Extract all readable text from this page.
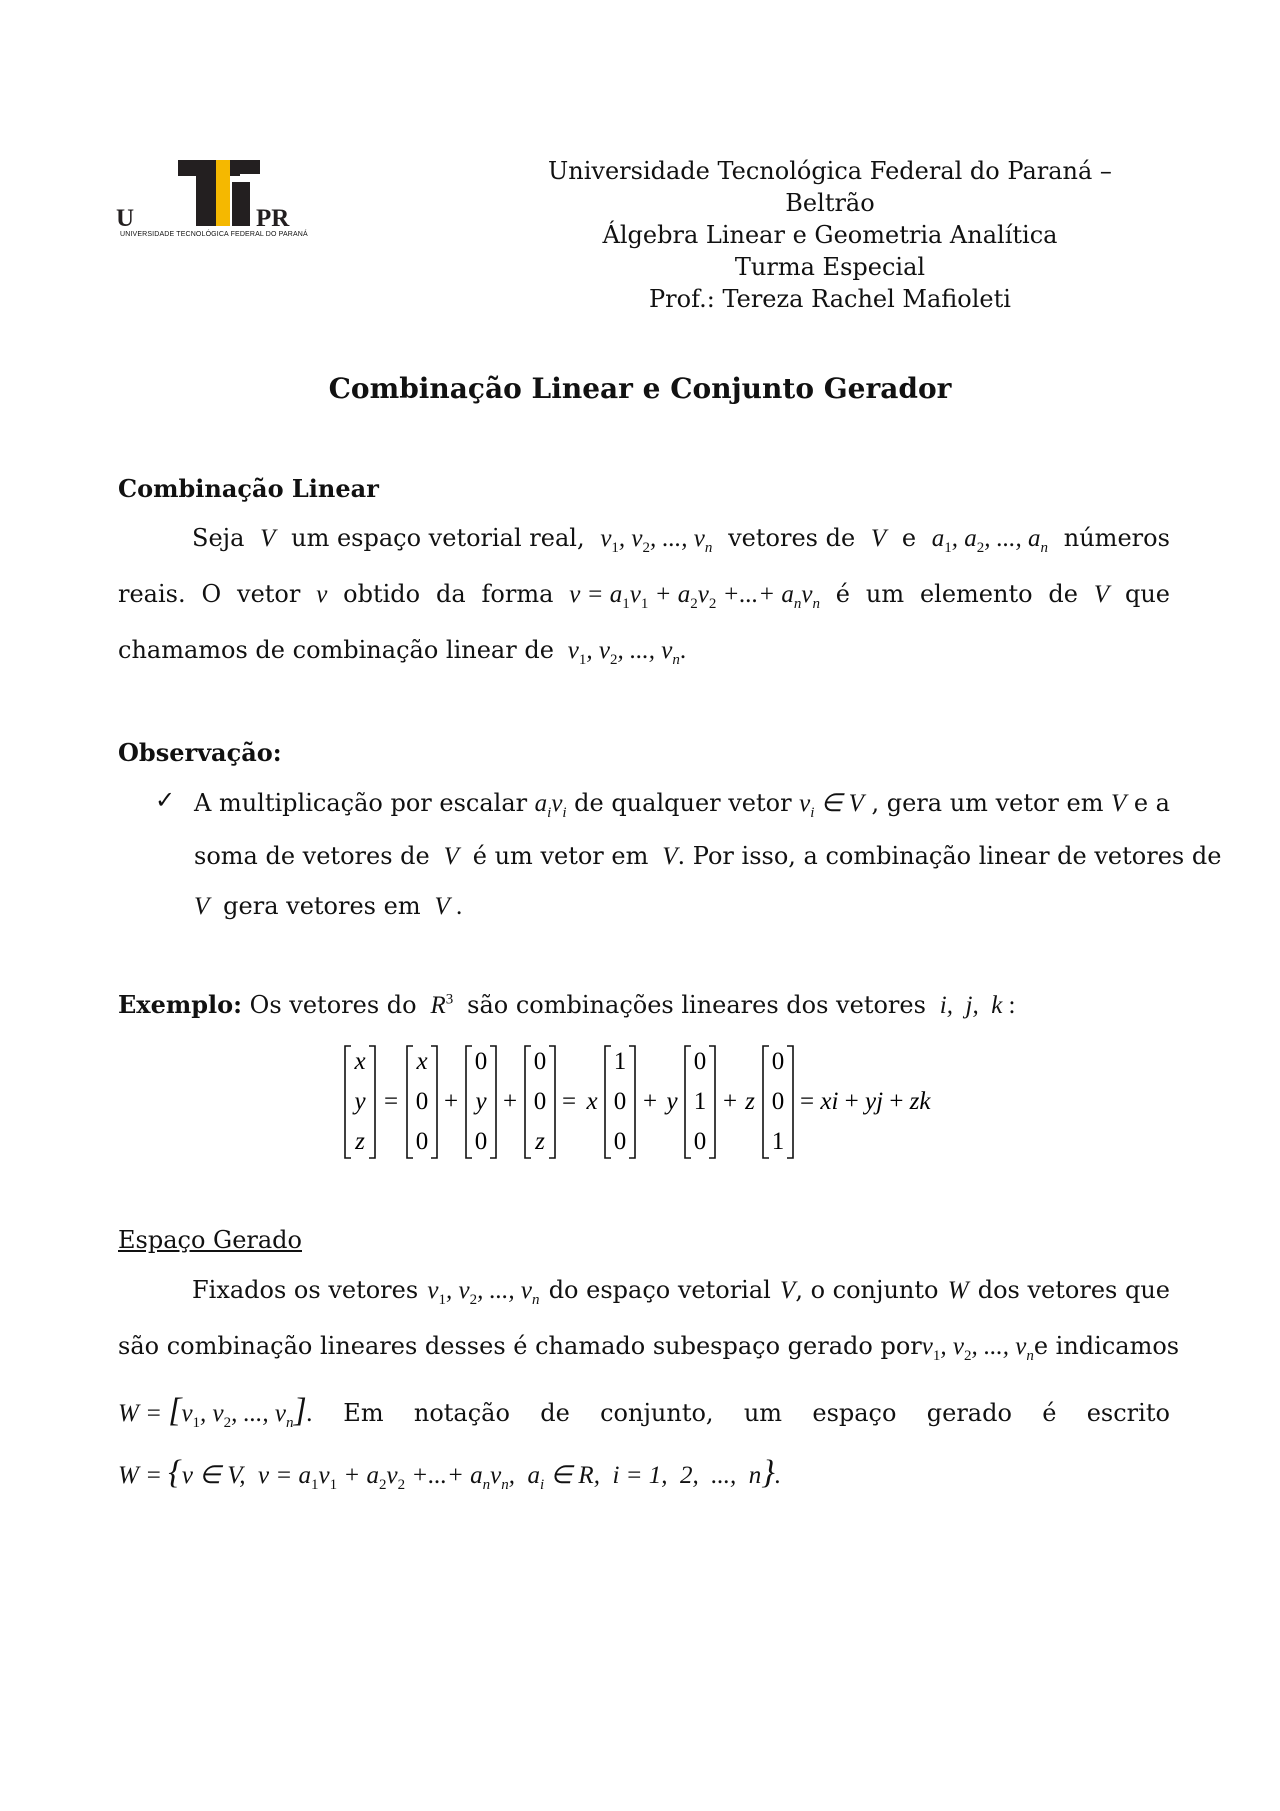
U	PR
UNIVERSIDADE TECNOLÓGICA FEDERAL DO PARANÁ
Universidade Tecnológica Federal do Paraná – Beltrão
Álgebra Linear e Geometria Analítica
Turma Especial
Prof.: Tereza Rachel Mafioleti
Combinação Linear e Conjunto Gerador
Combinação Linear
Seja V um espaço vetorial real, $v_1$, $v_2$, ..., $v_n$ vetores de V e $a_1$, $a_2$, ..., $a_n$ números
reais. O vetor v obtido da forma $v = a_1v_1 + a_2v_2$ +...+ $a_nv_n$ é um elemento de V que
chamamos de combinação linear de  $v_1$, $v_2$, ..., $v_n$.
Observação:
✓ A multiplicação por escalar $a_iv_i$ de qualquer vetor $v_i$ ∈ V , gera um vetor em V e a
soma de vetores de  V  é um vetor em  V. Por isso, a combinação linear de vetores de
V  gera vetores em  V .
Exemplo: Os vetores do  $R^3$ são combinações lineares dos vetores  i,  j,  k :
x
y
z
=
x
0
0
+
0
y
0
+
0
0
z
= x
1
0
0
+ y
0
1
0
+ z
0
0
1
= xi + yj + zk
Espaço Gerado
Fixados os vetores $v_1$, $v_2$, ..., $v_n$ do espaço vetorial V, o conjunto W dos vetores que
são combinação lineares desses é chamado subespaço gerado por $v_1$, $v_2$, ..., $v_n$ e indicamos
$W = [v_1$, $v_2$, ..., $v_n$]. Em notação de conjunto, um espaço gerado é escrito
W = {v ∈ V,  $v = a_1v_1 + a_2v_2$ +...+ $a_nv_n$,  $a_i$ ∈ R,  i = 1,  2,  ...,  n}.
